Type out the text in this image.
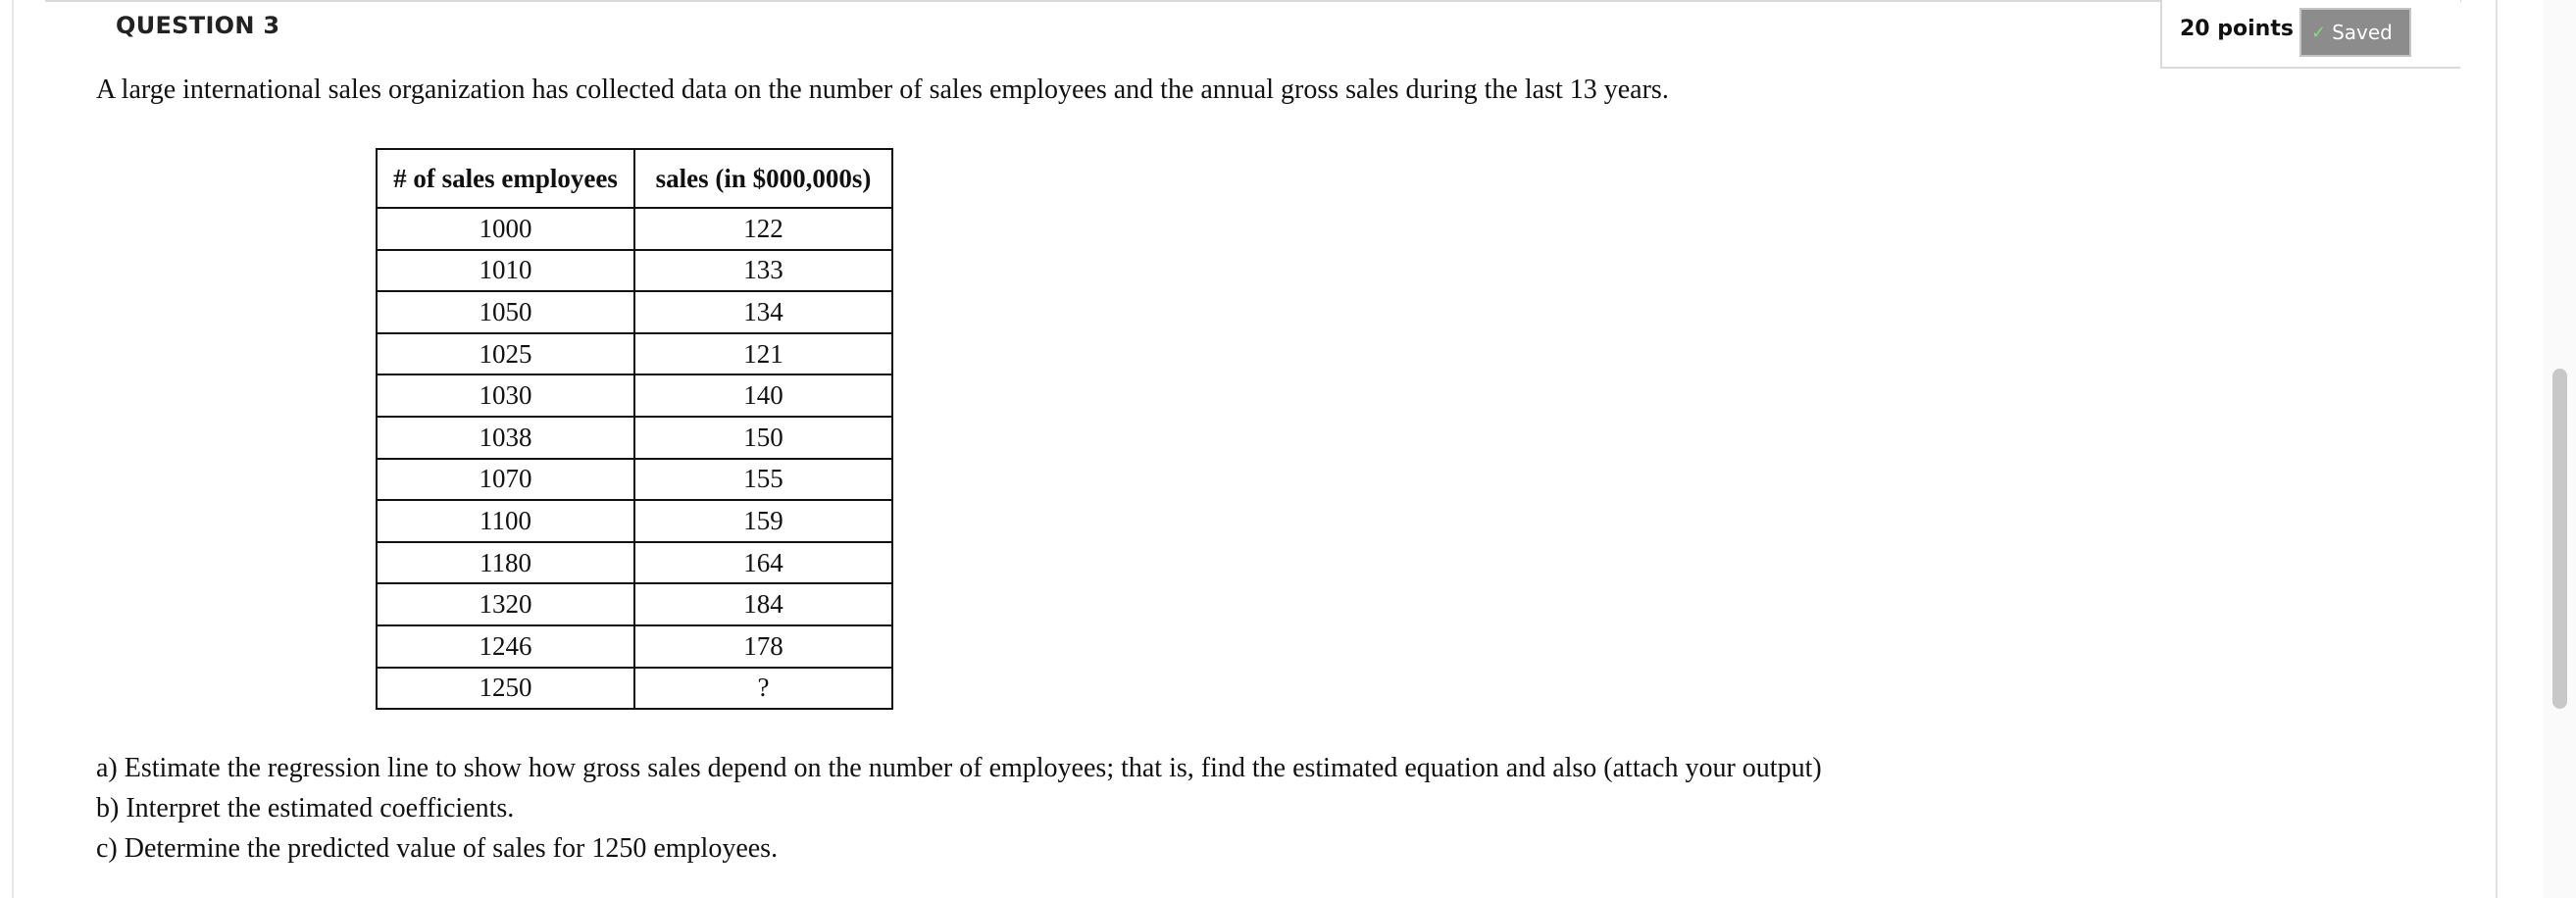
QUESTION 3	20 points ✓ Saved
A large international sales organization has collected data on the number of sales employees and the annual gross sales during the last 13 years.
# of sales employees	sales (in $000,000s)
1000	122
1010	133
1050	134
1025	121
1030	140
1038	150
1070	155
1100	159
1180	164
1320	184
1246	178
1250	?
a) Estimate the regression line to show how gross sales depend on the number of employees; that is, find the estimated equation and also (attach your output)
b) Interpret the estimated coefficients.
c) Determine the predicted value of sales for 1250 employees.
